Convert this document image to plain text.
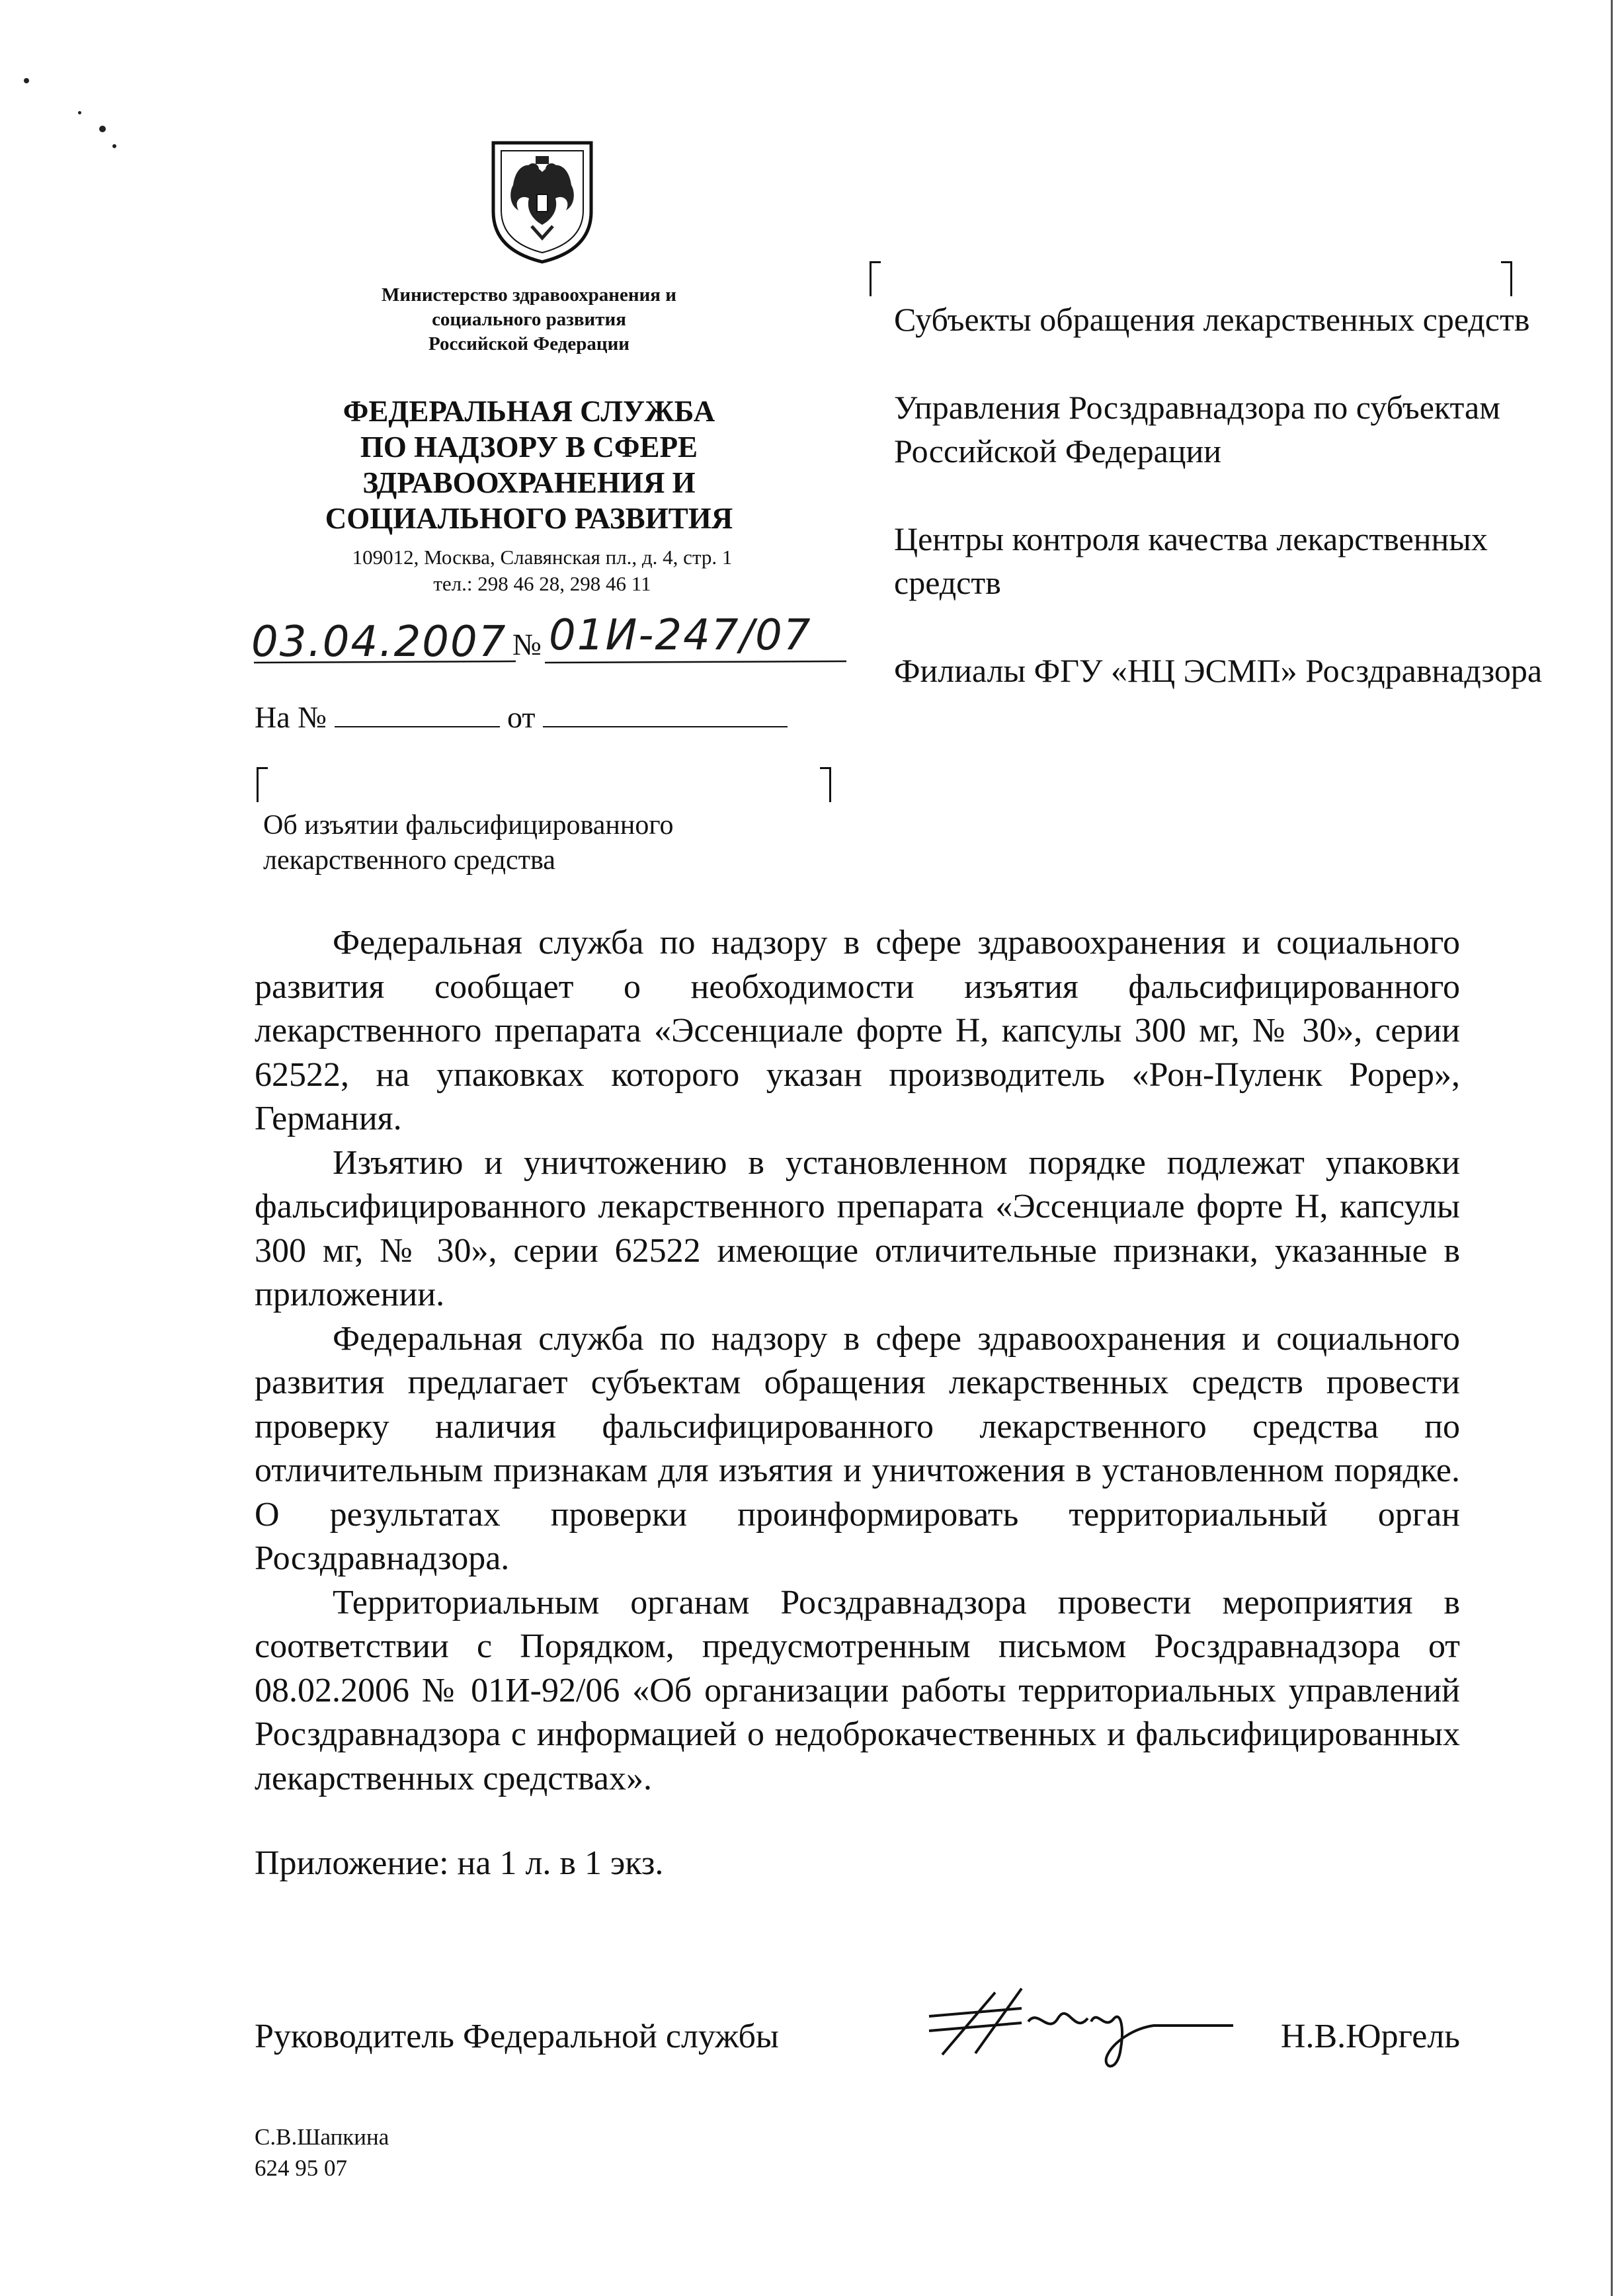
Министерство здравоохранения и
социального развития
Российской Федерации
ФЕДЕРАЛЬНАЯ СЛУЖБА
ПО НАДЗОРУ В СФЕРЕ
ЗДРАВООХРАНЕНИЯ И
СОЦИАЛЬНОГО РАЗВИТИЯ
109012, Москва, Славянская пл., д. 4, стр. 1
тел.: 298 46 28, 298 46 11
03.04.2007 № 01И-247/07
На №	от
Об изъятии фальсифицированного
лекарственного средства
Субъекты обращения лекарственных средств
Управления Росздравнадзора по субъектам Российской Федерации
Центры контроля качества лекарственных средств
Филиалы ФГУ «НЦ ЭСМП» Росздравнадзора

Федеральная служба по надзору в сфере здравоохранения и социального развития сообщает о необходимости изъятия фальсифицированного лекарственного препарата «Эссенциале форте Н, капсулы 300 мг, № 30», серии 62522, на упаковках которого указан производитель «Рон-Пуленк Рорер», Германия.

Изъятию и уничтожению в установленном порядке подлежат упаковки фальсифицированного лекарственного препарата «Эссенциале форте Н, капсулы 300 мг, № 30», серии 62522 имеющие отличительные признаки, указанные в приложении.

Федеральная служба по надзору в сфере здравоохранения и социального развития предлагает субъектам обращения лекарственных средств провести проверку наличия фальсифицированного лекарственного средства по отличительным признакам для изъятия и уничтожения в установленном порядке. О результатах проверки проинформировать территориальный орган Росздравнадзора.

Территориальным органам Росздравнадзора провести мероприятия в соответствии с Порядком, предусмотренным письмом Росздравнадзора от 08.02.2006 № 01И-92/06 «Об организации работы территориальных управлений Росздравнадзора с информацией о недоброкачественных и фальсифицированных лекарственных средствах».

Приложение: на 1 л. в 1 экз.
Руководитель Федеральной службы	Н.В.Юргель
С.В.Шапкина
624 95 07
